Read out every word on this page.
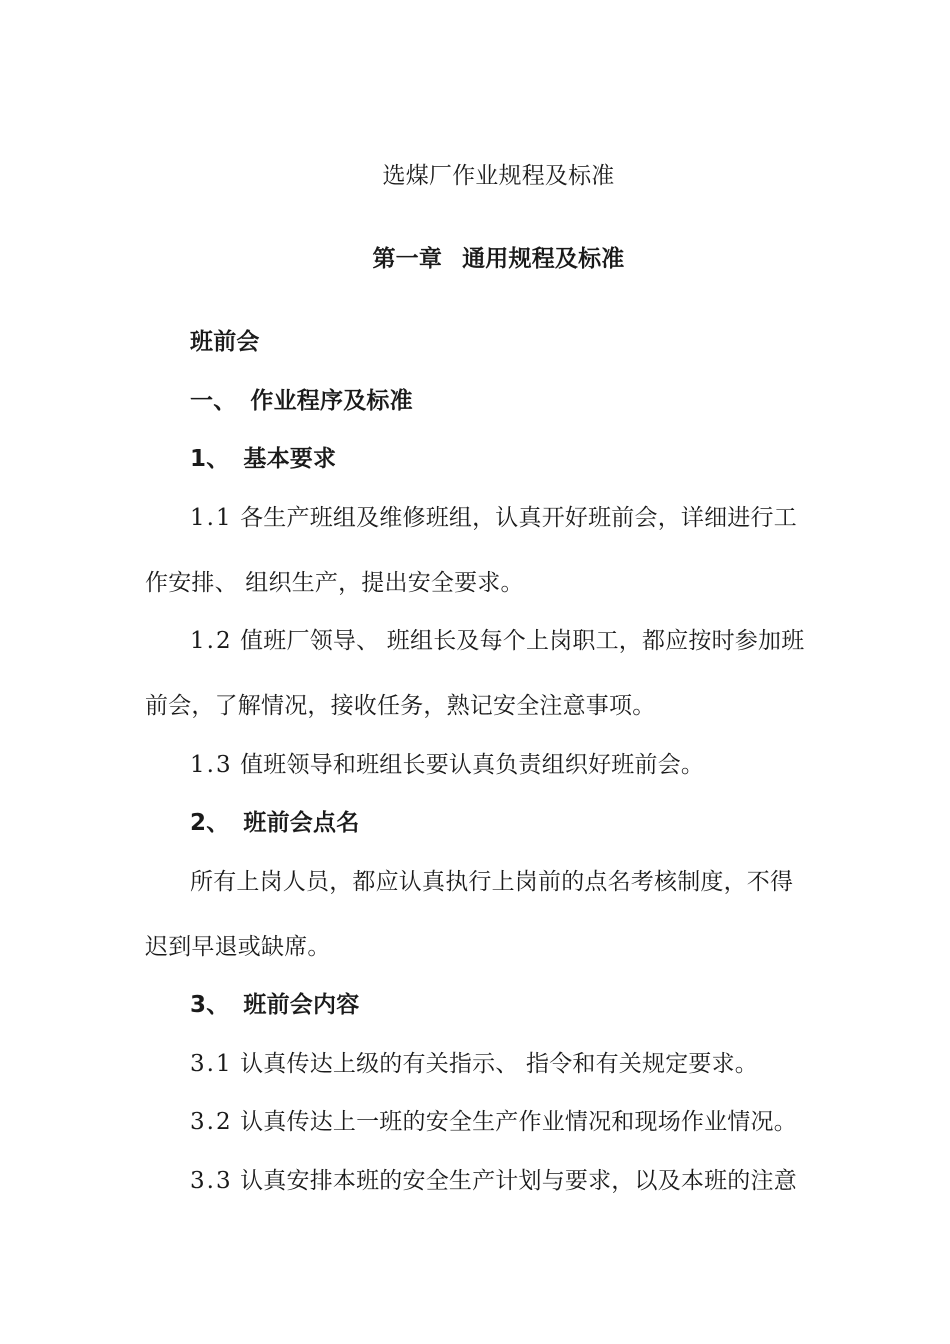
选煤厂作业规程及标准
第一章 通用规程及标准
班前会
一、 作业程序及标准
1、 基本要求
1.1 各生产班组及维修班组，认真开好班前会，详细进行工
作安排、 组织生产，提出安全要求。
1.2 值班厂领导、 班组长及每个上岗职工，都应按时参加班
前会，了解情况，接收任务，熟记安全注意事项。
1.3 值班领导和班组长要认真负责组织好班前会。
2、 班前会点名
所有上岗人员，都应认真执行上岗前的点名考核制度，不得
迟到早退或缺席。
3、 班前会内容
3.1 认真传达上级的有关指示、 指令和有关规定要求。
3.2 认真传达上一班的安全生产作业情况和现场作业情况。
3.3 认真安排本班的安全生产计划与要求，以及本班的注意
